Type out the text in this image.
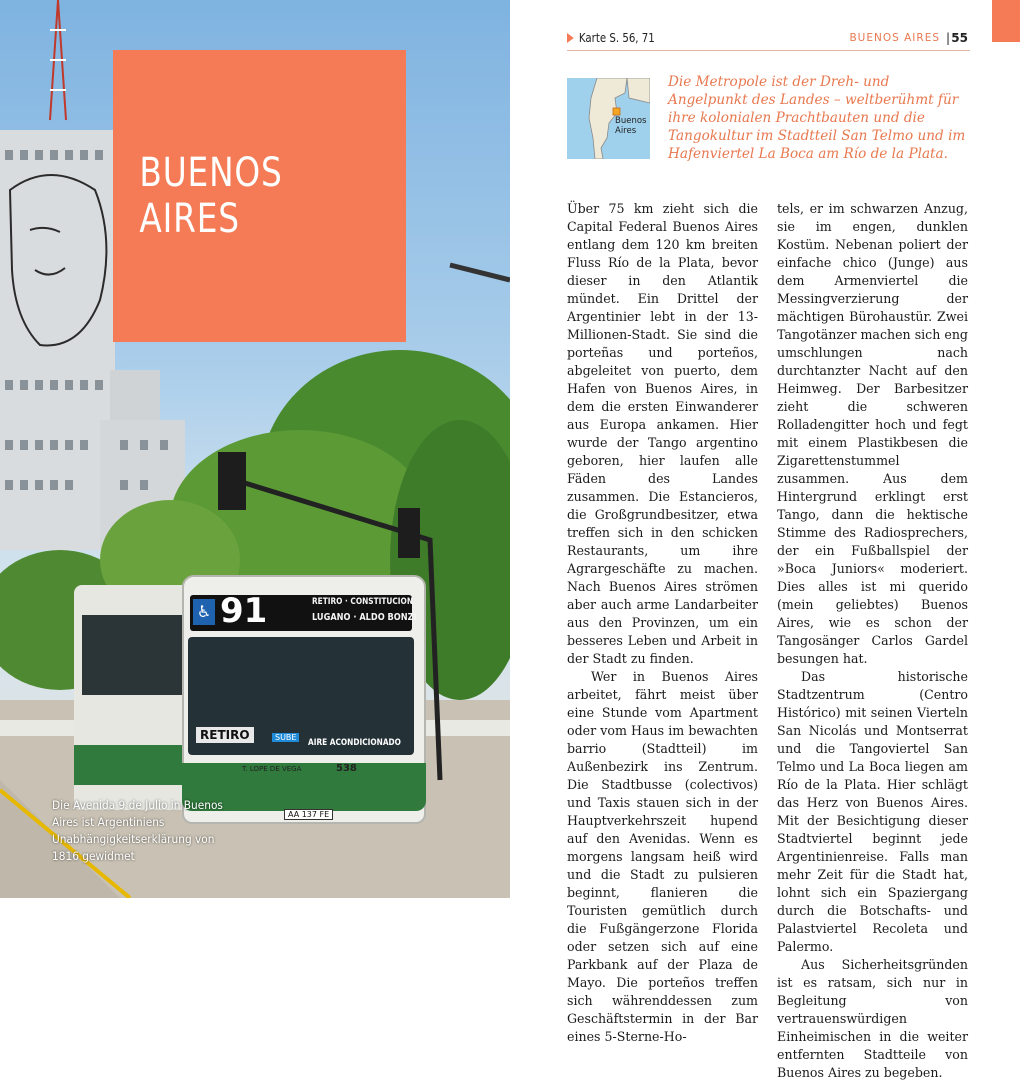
♿ 91	RETIRO · CONSTITUCION
LUGANO · ALDO BONZI
RETIRO	SUBE
AIRE ACONDICIONADO
T. LOPE DE VEGA	538
AA 137 FE
BUENOS AIRES
Die Avenida 9 de Julio in Buenos Aires ist Argentiniens Unabhängigkeitserklärung von 1816 gewidmet
Karte S. 56, 71	BUENOS AIRES | 55
Buenos
Aires
Die Metropole ist der Dreh- und Angelpunkt des Landes – weltberühmt für ihre kolonialen Prachtbauten und die Tangokultur im Stadtteil San Telmo und im Hafenviertel La Boca am Río de la Plata.

Über 75 km zieht sich die Capital Federal Buenos Aires entlang dem 120 km breiten Fluss Río de la Plata, bevor dieser in den Atlantik mündet. Ein Drittel der Argentinier lebt in der 13-Millionen-Stadt. Sie sind die porteñas und porteños, abgeleitet von puerto, dem Hafen von Buenos Aires, in dem die ersten Einwanderer aus Europa ankamen. Hier wurde der Tango argentino geboren, hier laufen alle Fäden des Landes zusammen. Die Estancieros, die Großgrundbesitzer, etwa treffen sich in den schicken Restaurants, um ihre Agrargeschäfte zu machen. Nach Buenos Aires strömen aber auch arme Landarbeiter aus den Provinzen, um ein besseres Leben und Arbeit in der Stadt zu finden.

Wer in Buenos Aires arbeitet, fährt meist über eine Stunde vom Apartment oder vom Haus im bewachten barrio (Stadtteil) im Außenbezirk ins Zentrum. Die Stadtbusse (colectivos) und Taxis stauen sich in der Hauptverkehrszeit hupend auf den Avenidas. Wenn es morgens langsam heiß wird und die Stadt zu pulsieren beginnt, flanieren die Touristen gemütlich durch die Fußgängerzone Florida oder setzen sich auf eine Parkbank auf der Plaza de Mayo. Die porteños treffen sich währenddessen zum Geschäftstermin in der Bar eines 5-Sterne-Ho-

tels, er im schwarzen Anzug, sie im engen, dunklen Kostüm. Nebenan poliert der einfache chico (Junge) aus dem Armenviertel die Messingverzierung der mächtigen Bürohaustür. Zwei Tangotänzer machen sich eng umschlungen nach durchtanzter Nacht auf den Heimweg. Der Barbesitzer zieht die schweren Rolladengitter hoch und fegt mit einem Plastikbesen die Zigarettenstummel zusammen. Aus dem Hintergrund erklingt erst Tango, dann die hektische Stimme des Radiosprechers, der ein Fußballspiel der »Boca Juniors« moderiert. Dies alles ist mi querido (mein geliebtes) Buenos Aires, wie es schon der Tangosänger Carlos Gardel besungen hat.

Das historische Stadtzentrum (Centro Histórico) mit seinen Vierteln San Nicolás und Montserrat und die Tangoviertel San Telmo und La Boca liegen am Río de la Plata. Hier schlägt das Herz von Buenos Aires. Mit der Besichtigung dieser Stadtviertel beginnt jede Argentinienreise. Falls man mehr Zeit für die Stadt hat, lohnt sich ein Spaziergang durch die Botschafts- und Palastviertel Recoleta und Palermo.

Aus Sicherheitsgründen ist es ratsam, sich nur in Begleitung von vertrauenswürdigen Einheimischen in die weiter entfernten Stadtteile von Buenos Aires zu begeben.
